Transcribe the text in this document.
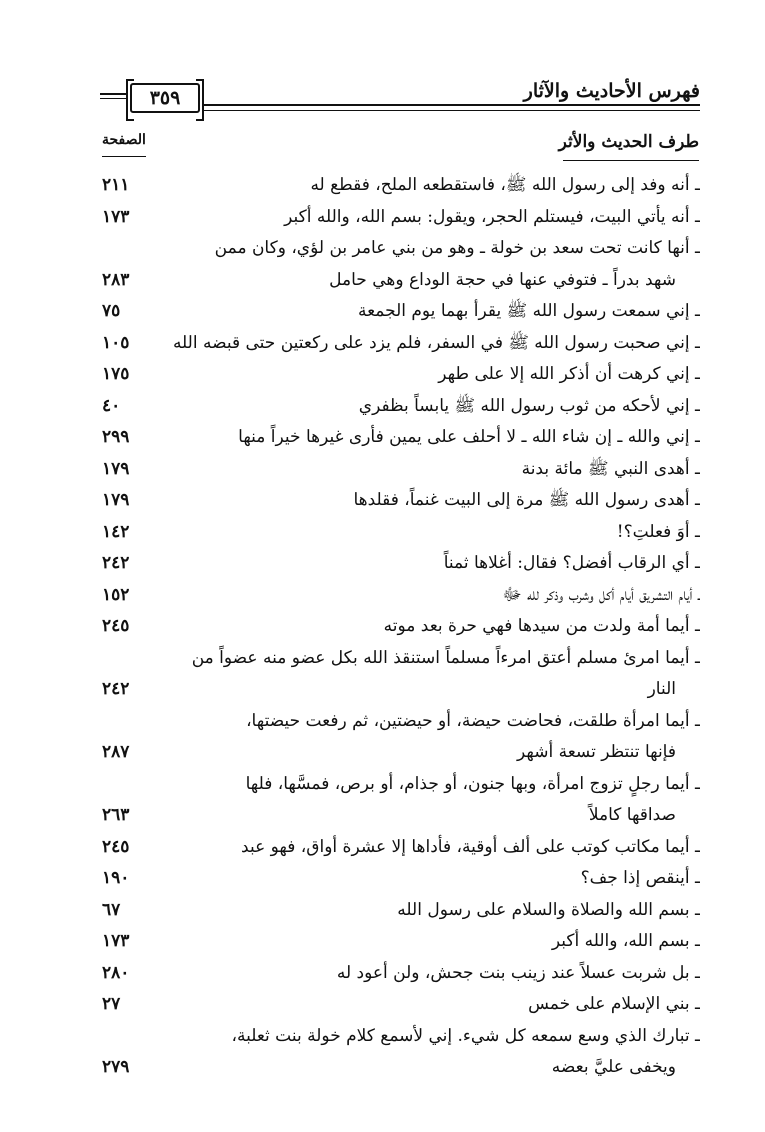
٣٥٩	فهرس الأحاديث والآثار
طرف الحديث والأثر
الصفحة
ـ أنه وفد إلى رسول الله ﷺ، فاستقطعه الملح، فقطع له
٢١١
ـ أنه يأتي البيت، فيستلم الحجر، ويقول: بسم الله، والله أكبر
١٧٣
ـ أنها كانت تحت سعد بن خولة ـ وهو من بني عامر بن لؤي، وكان ممن
شهد بدراً ـ فتوفي عنها في حجة الوداع وهي حامل
٢٨٣
ـ إني سمعت رسول الله ﷺ يقرأ بهما يوم الجمعة
٧٥
ـ إني صحبت رسول الله ﷺ في السفر، فلم يزد على ركعتين حتى قبضه الله
١٠٥
ـ إني كرهت أن أذكر الله إلا على طهر
١٧٥
ـ إني لأحكه من ثوب رسول الله ﷺ يابساً بظفري
٤٠
ـ إني والله ـ إن شاء الله ـ لا أحلف على يمين فأرى غيرها خيراً منها
٢٩٩
ـ أهدى النبي ﷺ مائة بدنة
١٧٩
ـ أهدى رسول الله ﷺ مرة إلى البيت غنماً، فقلدها
١٧٩
ـ أوَ فعلتِ؟!
١٤٢
ـ أي الرقاب أفضل؟ فقال: أغلاها ثمناً
٢٤٢
ـ أيام التشريق أيام أكل وشرب وذكر لله ﷻ
١٥٢
ـ أيما أمة ولدت من سيدها فهي حرة بعد موته
٢٤٥
ـ أيما امرئ مسلم أعتق امرءاً مسلماً استنقذ الله بكل عضو منه عضواً من
النار
٢٤٢
ـ أيما امرأة طلقت، فحاضت حيضة، أو حيضتين، ثم رفعت حيضتها،
فإنها تنتظر تسعة أشهر
٢٨٧
ـ أيما رجلٍ تزوج امرأة، وبها جنون، أو جذام، أو برص، فمسَّها، فلها
صداقها كاملاً
٢٦٣
ـ أيما مكاتب كوتب على ألف أوقية، فأداها إلا عشرة أواق، فهو عبد
٢٤٥
ـ أينقص إذا جف؟
١٩٠
ـ بسم الله والصلاة والسلام على رسول الله
٦٧
ـ بسم الله، والله أكبر
١٧٣
ـ بل شربت عسلاً عند زينب بنت جحش، ولن أعود له
٢٨٠
ـ بني الإسلام على خمس
٢٧
ـ تبارك الذي وسع سمعه كل شيء. إني لأسمع كلام خولة بنت ثعلبة،
ويخفى عليَّ بعضه
٢٧٩
